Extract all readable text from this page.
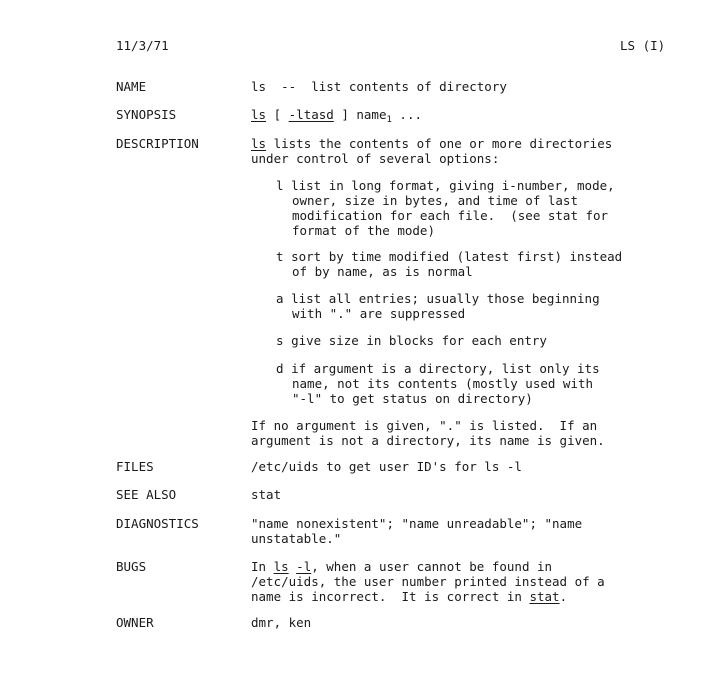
11/3/71	LS (I)
NAME	ls  --  list contents of directory
SYNOPSIS	ls [ -ltasd ] name$_1$ ...
DESCRIPTION	ls lists the contents of one or more directories
under control of several options:
l list in long format, giving i-number, mode,
owner, size in bytes, and time of last
modification for each file.  (see stat for
format of the mode)
t sort by time modified (latest first) instead
of by name, as is normal
a list all entries; usually those beginning
with "." are suppressed
s give size in blocks for each entry
d if argument is a directory, list only its
name, not its contents (mostly used with
"-l" to get status on directory)
If no argument is given, "." is listed.  If an
argument is not a directory, its name is given.
FILES	/etc/uids to get user ID's for ls -l
SEE ALSO	stat
DIAGNOSTICS	"name nonexistent"; "name unreadable"; "name
unstatable."
BUGS	In ls -l, when a user cannot be found in
/etc/uids, the user number printed instead of a
name is incorrect.  It is correct in stat.
OWNER	dmr, ken
